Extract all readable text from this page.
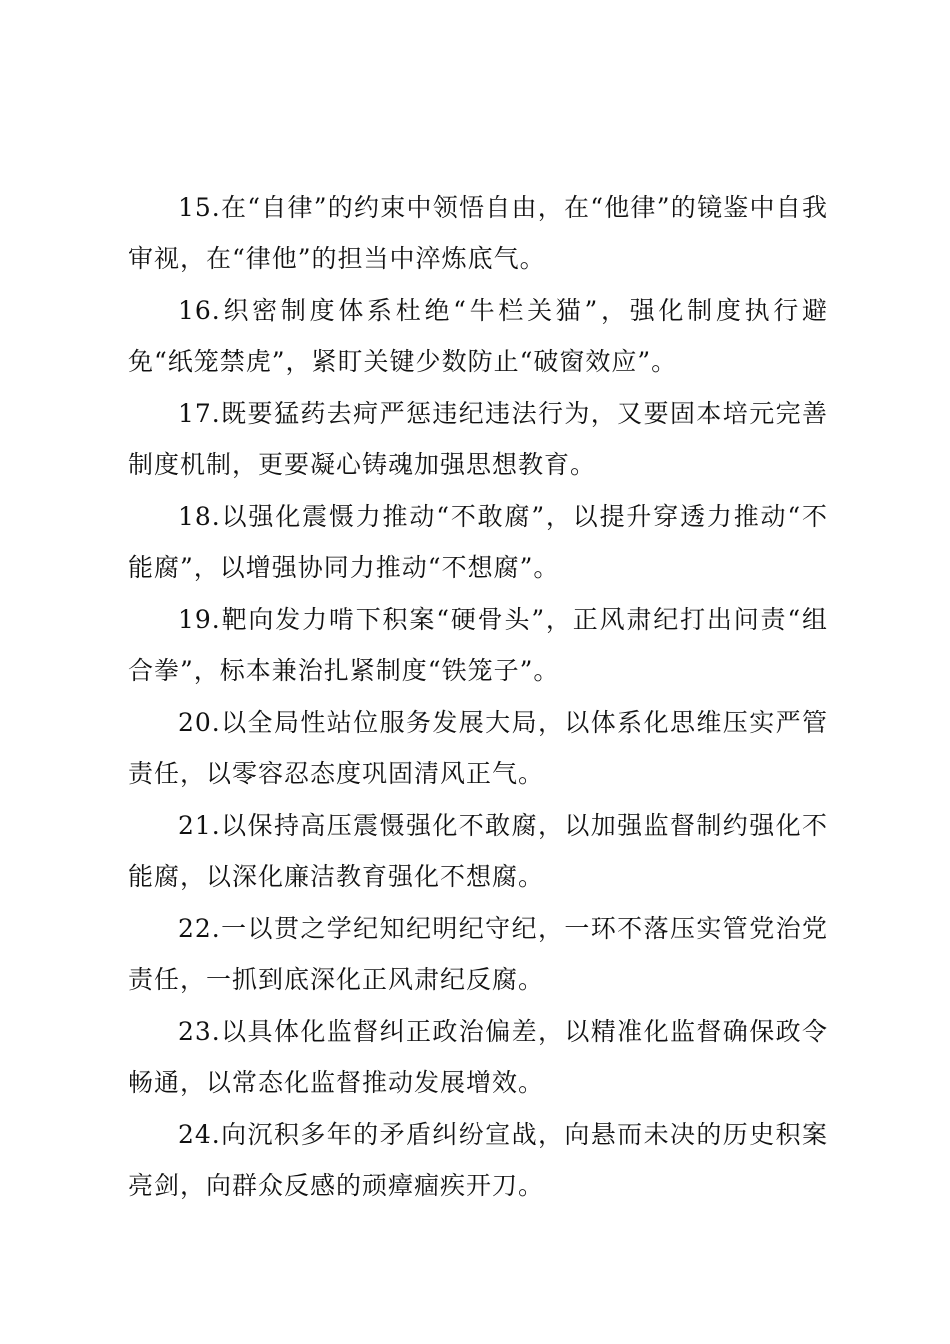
15.在“自律”的约束中领悟自由，在“他律”的镜鉴中自我审视，在“律他”的担当中淬炼底气。

16.织密制度体系杜绝“牛栏关猫”，强化制度执行避免“纸笼禁虎”，紧盯关键少数防止“破窗效应”。

17.既要猛药去疴严惩违纪违法行为，又要固本培元完善制度机制，更要凝心铸魂加强思想教育。

18.以强化震慑力推动“不敢腐”，以提升穿透力推动“不能腐”，以增强协同力推动“不想腐”。

19.靶向发力啃下积案“硬骨头”，正风肃纪打出问责“组合拳”，标本兼治扎紧制度“铁笼子”。

20.以全局性站位服务发展大局，以体系化思维压实严管责任，以零容忍态度巩固清风正气。

21.以保持高压震慑强化不敢腐，以加强监督制约强化不能腐，以深化廉洁教育强化不想腐。

22.一以贯之学纪知纪明纪守纪，一环不落压实管党治党责任，一抓到底深化正风肃纪反腐。

23.以具体化监督纠正政治偏差，以精准化监督确保政令畅通，以常态化监督推动发展增效。

24.向沉积多年的矛盾纠纷宣战，向悬而未决的历史积案亮剑，向群众反感的顽瘴痼疾开刀。
